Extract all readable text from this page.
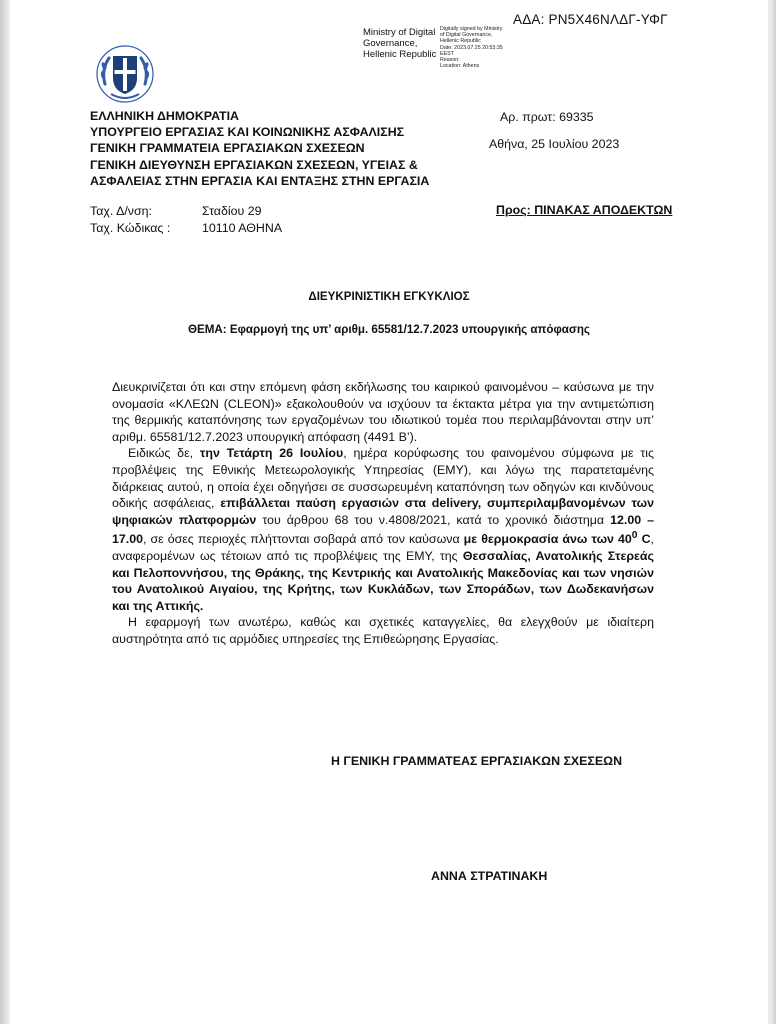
ΑΔΑ: ΡΝ5Χ46ΝΛΔΓ-ΥΦΓ
Ministry of Digital
Governance,
Hellenic Republic
Digitally signed by Ministry
of Digital Governance,
Hellenic Republic
Date: 2023.07.25 20:53:35
EEST
Reason:
Location: Athens
ΕΛΛΗΝΙΚΗ ΔΗΜΟΚΡΑΤΙΑ
ΥΠΟΥΡΓΕΙΟ ΕΡΓΑΣΙΑΣ ΚΑΙ ΚΟΙΝΩΝΙΚΗΣ ΑΣΦΑΛΙΣΗΣ
ΓΕΝΙΚΗ ΓΡΑΜΜΑΤΕΙΑ ΕΡΓΑΣΙΑΚΩΝ ΣΧΕΣΕΩΝ
ΓΕΝΙΚΗ ΔΙΕΥΘΥΝΣΗ ΕΡΓΑΣΙΑΚΩΝ ΣΧΕΣΕΩΝ, ΥΓΕΙΑΣ &
ΑΣΦΑΛΕΙΑΣ ΣΤΗΝ ΕΡΓΑΣΙΑ ΚΑΙ ΕΝΤΑΞΗΣ ΣΤΗΝ ΕΡΓΑΣΙΑ
Ταχ. Δ/νση:	Σταδίου 29
Ταχ. Κώδικας :	10110 ΑΘΗΝΑ
Αρ. πρωτ: 69335
Αθήνα, 25 Ιουλίου 2023
Προς: ΠΙΝΑΚΑΣ ΑΠΟΔΕΚΤΩΝ
ΔΙΕΥΚΡΙΝΙΣΤΙΚΗ ΕΓΚΥΚΛΙΟΣ
ΘΕΜΑ: Εφαρμογή της υπ’ αριθμ. 65581/12.7.2023 υπουργικής απόφασης

Διευκρινίζεται ότι και στην επόμενη φάση εκδήλωσης του καιρικού φαινομένου – καύσωνα με την ονομασία «ΚΛΕΩΝ (CLEON)» εξακολουθούν να ισχύουν τα έκτακτα μέτρα για την αντιμετώπιση της θερμικής καταπόνησης των εργαζομένων του ιδιωτικού τομέα που περιλαμβάνονται στην υπ’ αριθμ. 65581/12.7.2023 υπουργική απόφαση (4491 Β’).

Ειδικώς δε, την Τετάρτη 26 Ιουλίου, ημέρα κορύφωσης του φαινομένου σύμφωνα με τις προβλέψεις της Εθνικής Μετεωρολογικής Υπηρεσίας (ΕΜΥ), και λόγω της παρατεταμένης διάρκειας αυτού, η οποία έχει οδηγήσει σε συσσωρευμένη καταπόνηση των οδηγών και κινδύνους οδικής ασφάλειας, επιβάλλεται παύση εργασιών στα delivery, συμπεριλαμβανομένων των ψηφιακών πλατφορμών του άρθρου 68 του ν.4808/2021, κατά το χρονικό διάστημα 12.00 – 17.00, σε όσες περιοχές πλήττονται σοβαρά από τον καύσωνα με θερμοκρασία άνω των $40^0$ C, αναφερομένων ως τέτοιων από τις προβλέψεις της ΕΜΥ, της Θεσσαλίας, Ανατολικής Στερεάς και Πελοποννήσου, της Θράκης, της Κεντρικής και Ανατολικής Μακεδονίας και των νησιών του Ανατολικού Αιγαίου, της Κρήτης, των Κυκλάδων, των Σποράδων, των Δωδεκανήσων και της Αττικής.

Η εφαρμογή των ανωτέρω, καθώς και σχετικές καταγγελίες, θα ελεγχθούν με ιδιαίτερη αυστηρότητα από τις αρμόδιες υπηρεσίες της Επιθεώρησης Εργασίας.

Η ΓΕΝΙΚΗ ΓΡΑΜΜΑΤΕΑΣ ΕΡΓΑΣΙΑΚΩΝ ΣΧΕΣΕΩΝ
ΑΝΝΑ ΣΤΡΑΤΙΝΑΚΗ
